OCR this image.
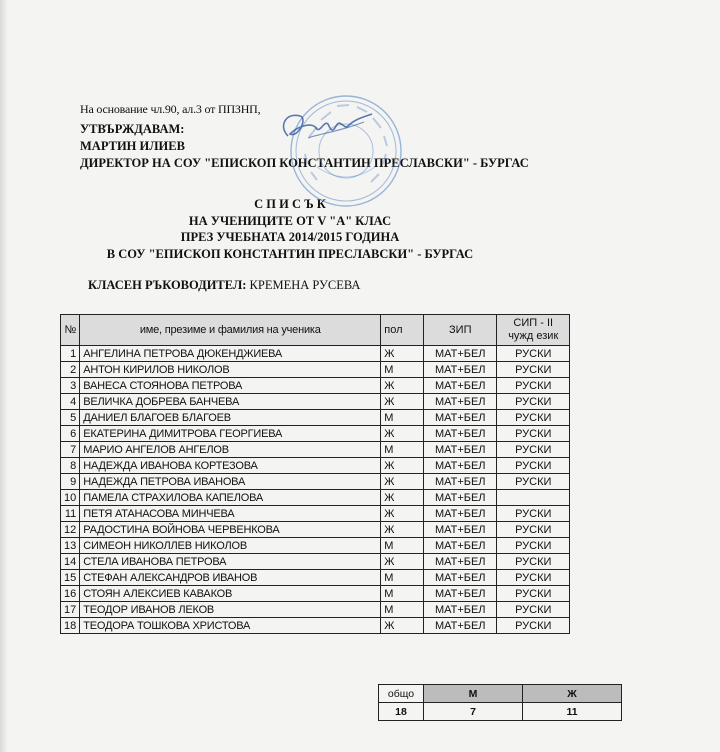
На основание чл.90, ал.3 от ППЗНП,
УТВЪРЖДАВАМ:
МАРТИН ИЛИЕВ
ДИРЕКТОР НА СОУ "ЕПИСКОП КОНСТАНТИН ПРЕСЛАВСКИ" - БУРГАС
С П И С Ъ К
НА УЧЕНИЦИТЕ ОТ V "А" КЛАС
ПРЕЗ УЧЕБНАТА 2014/2015 ГОДИНА
В СОУ "ЕПИСКОП КОНСТАНТИН ПРЕСЛАВСКИ" - БУРГАС
КЛАСЕН РЪКОВОДИТЕЛ: КРЕМЕНА РУСЕВА
№	име, презиме и фамилия на ученика	пол	ЗИП	СИП - II чужд език
1	АНГЕЛИНА ПЕТРОВА ДЮКЕНДЖИЕВА	Ж	МАТ+БЕЛ	РУСКИ
2	АНТОН КИРИЛОВ НИКОЛОВ	М	МАТ+БЕЛ	РУСКИ
3	ВАНЕСА СТОЯНОВА ПЕТРОВА	Ж	МАТ+БЕЛ	РУСКИ
4	ВЕЛИЧКА ДОБРЕВА БАНЧЕВА	Ж	МАТ+БЕЛ	РУСКИ
5	ДАНИЕЛ БЛАГОЕВ БЛАГОЕВ	М	МАТ+БЕЛ	РУСКИ
6	ЕКАТЕРИНА ДИМИТРОВА ГЕОРГИЕВА	Ж	МАТ+БЕЛ	РУСКИ
7	МАРИО АНГЕЛОВ АНГЕЛОВ	М	МАТ+БЕЛ	РУСКИ
8	НАДЕЖДА ИВАНОВА КОРТЕЗОВА	Ж	МАТ+БЕЛ	РУСКИ
9	НАДЕЖДА ПЕТРОВА ИВАНОВА	Ж	МАТ+БЕЛ	РУСКИ
10	ПАМЕЛА СТРАХИЛОВА КАПЕЛОВА	Ж	МАТ+БЕЛ	
11	ПЕТЯ АТАНАСОВА МИНЧЕВА	Ж	МАТ+БЕЛ	РУСКИ
12	РАДОСТИНА ВОЙНОВА ЧЕРВЕНКОВА	Ж	МАТ+БЕЛ	РУСКИ
13	СИМЕОН НИКОЛЛЕВ НИКОЛОВ	М	МАТ+БЕЛ	РУСКИ
14	СТЕЛА ИВАНОВА ПЕТРОВА	Ж	МАТ+БЕЛ	РУСКИ
15	СТЕФАН АЛЕКСАНДРОВ ИВАНОВ	М	МАТ+БЕЛ	РУСКИ
16	СТОЯН АЛЕКСИЕВ КАВАКОВ	М	МАТ+БЕЛ	РУСКИ
17	ТЕОДОР ИВАНОВ ЛЕКОВ	М	МАТ+БЕЛ	РУСКИ
18	ТЕОДОРА ТОШКОВА ХРИСТОВА	Ж	МАТ+БЕЛ	РУСКИ
общо	М	Ж
18	7	11
